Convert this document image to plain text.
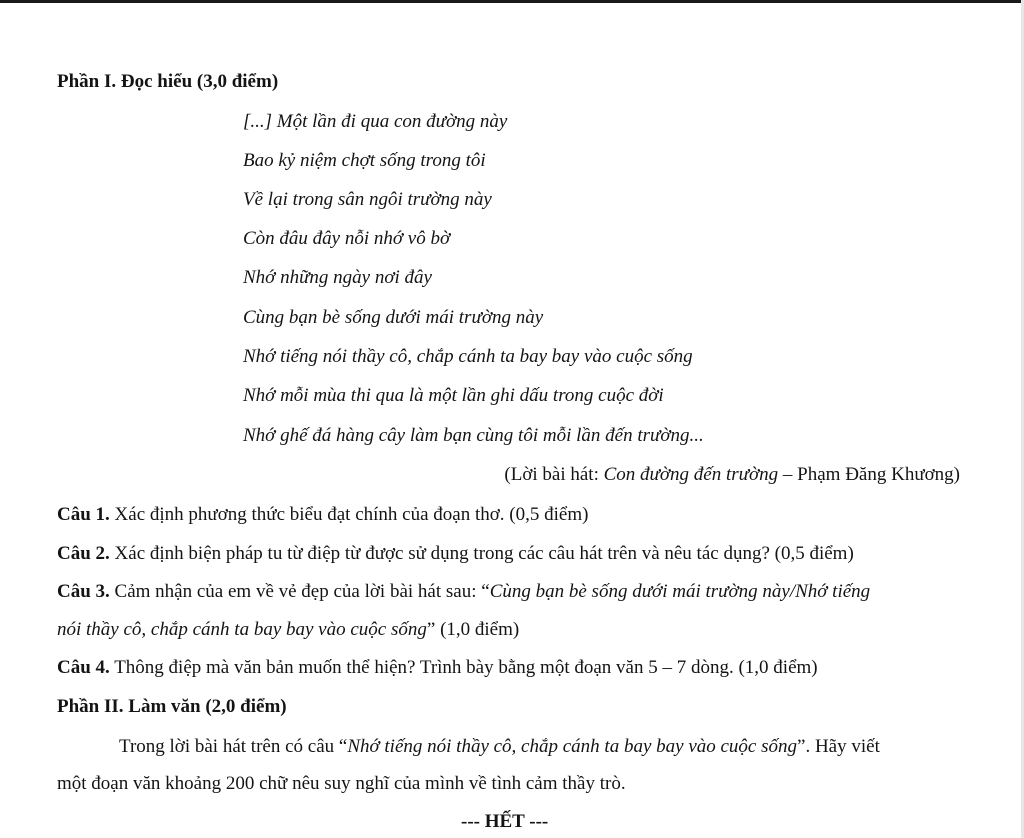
Phần I. Đọc hiểu (3,0 điểm)
[...] Một lần đi qua con đường này
Bao kỷ niệm chợt sống trong tôi
Về lại trong sân ngôi trường này
Còn đâu đây nỗi nhớ vô bờ
Nhớ những ngày nơi đây
Cùng bạn bè sống dưới mái trường này
Nhớ tiếng nói thầy cô, chắp cánh ta bay bay vào cuộc sống
Nhớ mỗi mùa thi qua là một lần ghi dấu trong cuộc đời
Nhớ ghế đá hàng cây làm bạn cùng tôi mỗi lần đến trường...
(Lời bài hát: Con đường đến trường – Phạm Đăng Khương)
Câu 1. Xác định phương thức biểu đạt chính của đoạn thơ. (0,5 điểm)
Câu 2. Xác định biện pháp tu từ điệp từ được sử dụng trong các câu hát trên và nêu tác dụng? (0,5 điểm)
Câu 3. Cảm nhận của em về vẻ đẹp của lời bài hát sau: “Cùng bạn bè sống dưới mái trường này/Nhớ tiếng
nói thầy cô, chắp cánh ta bay bay vào cuộc sống” (1,0 điểm)
Câu 4. Thông điệp mà văn bản muốn thể hiện? Trình bày bằng một đoạn văn 5 – 7 dòng. (1,0 điểm)
Phần II. Làm văn (2,0 điểm)
Trong lời bài hát trên có câu “Nhớ tiếng nói thầy cô, chắp cánh ta bay bay vào cuộc sống”. Hãy viết
một đoạn văn khoảng 200 chữ nêu suy nghĩ của mình về tình cảm thầy trò.
--- HẾT ---
